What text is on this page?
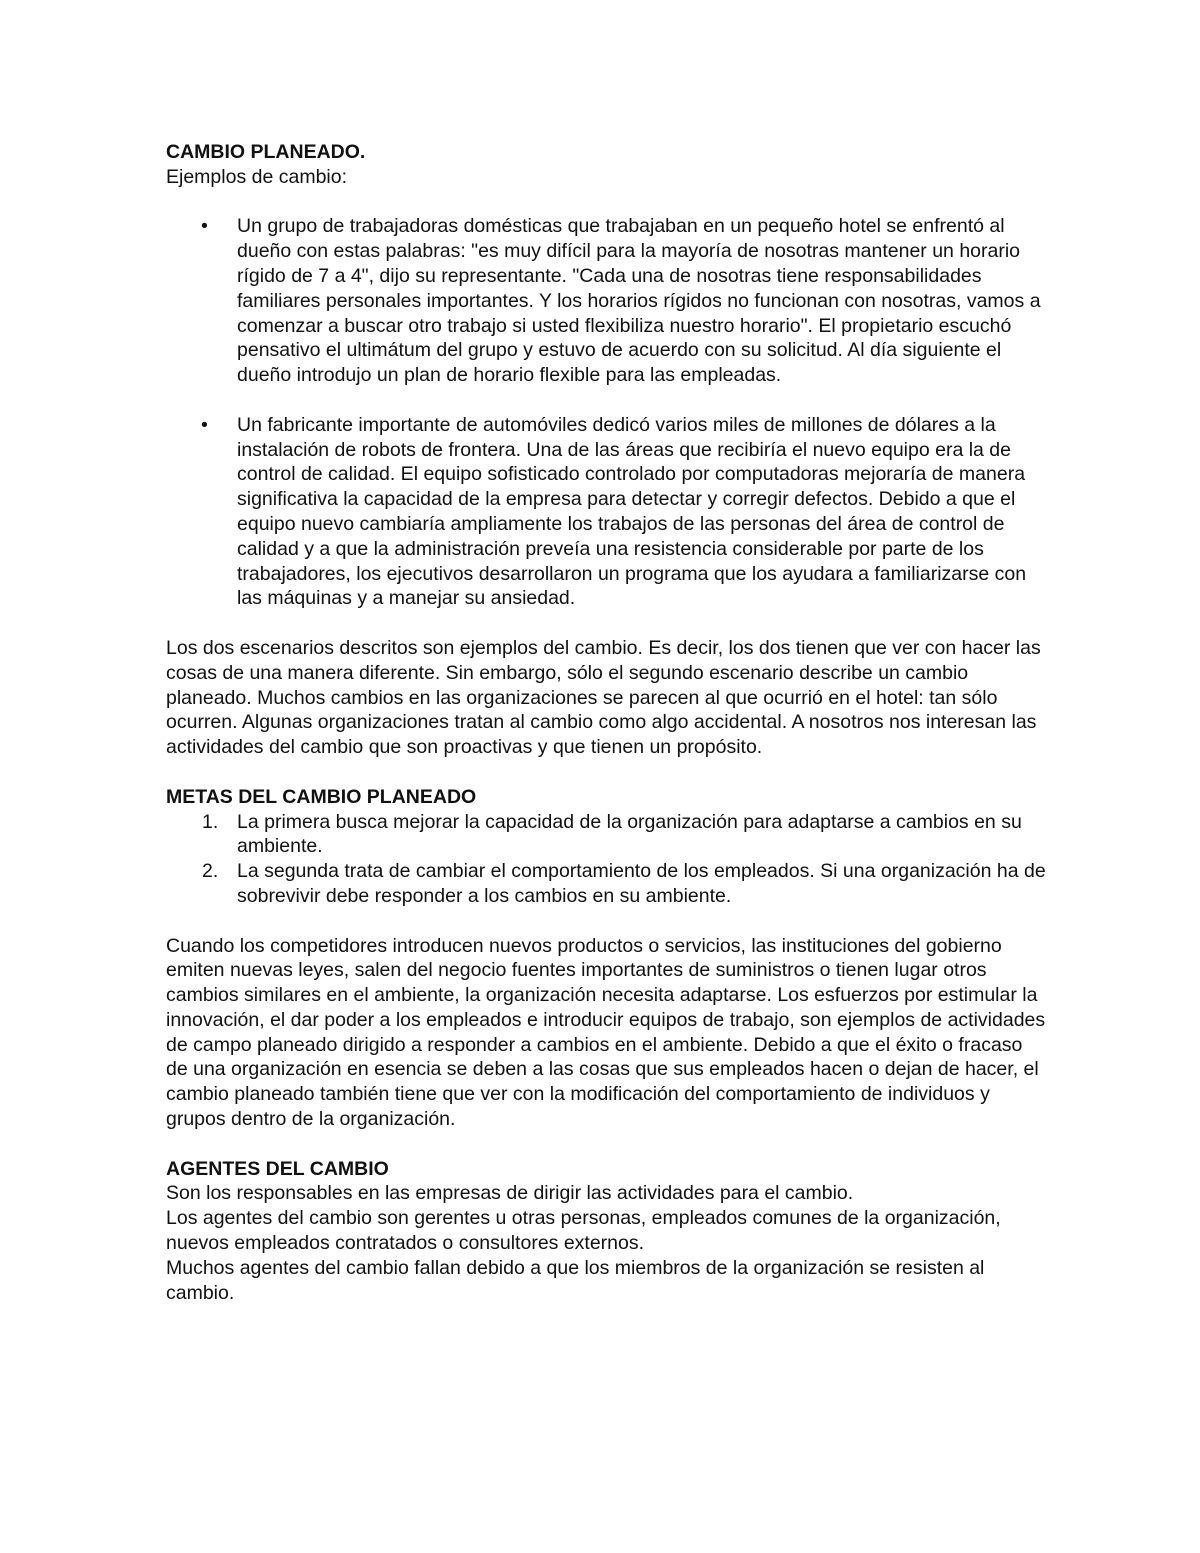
CAMBIO PLANEADO.

Ejemplos de cambio:

• Un grupo de trabajadoras domésticas que trabajaban en un pequeño hotel se enfrentó al dueño con estas palabras: "es muy difícil para la mayoría de nosotras mantener un horario rígido de 7 a 4", dijo su representante. "Cada una de nosotras tiene responsabilidades familiares personales importantes. Y los horarios rígidos no funcionan con nosotras, vamos a comenzar a buscar otro trabajo si usted flexibiliza nuestro horario". El propietario escuchó pensativo el ultimátum del grupo y estuvo de acuerdo con su solicitud. Al día siguiente el dueño introdujo un plan de horario flexible para las empleadas.
• Un fabricante importante de automóviles dedicó varios miles de millones de dólares a la instalación de robots de frontera. Una de las áreas que recibiría el nuevo equipo era la de control de calidad. El equipo sofisticado controlado por computadoras mejoraría de manera significativa la capacidad de la empresa para detectar y corregir defectos. Debido a que el equipo nuevo cambiaría ampliamente los trabajos de las personas del área de control de calidad y a que la administración preveía una resistencia considerable por parte de los trabajadores, los ejecutivos desarrollaron un programa que los ayudara a familiarizarse con las máquinas y a manejar su ansiedad.

Los dos escenarios descritos son ejemplos del cambio. Es decir, los dos tienen que ver con hacer las cosas de una manera diferente. Sin embargo, sólo el segundo escenario describe un cambio planeado. Muchos cambios en las organizaciones se parecen al que ocurrió en el hotel: tan sólo ocurren. Algunas organizaciones tratan al cambio como algo accidental. A nosotros nos interesan las actividades del cambio que son proactivas y que tienen un propósito.

METAS DEL CAMBIO PLANEADO

1. La primera busca mejorar la capacidad de la organización para adaptarse a cambios en su ambiente.
2. La segunda trata de cambiar el comportamiento de los empleados. Si una organización ha de sobrevivir debe responder a los cambios en su ambiente.

Cuando los competidores introducen nuevos productos o servicios, las instituciones del gobierno emiten nuevas leyes, salen del negocio fuentes importantes de suministros o tienen lugar otros cambios similares en el ambiente, la organización necesita adaptarse. Los esfuerzos por estimular la innovación, el dar poder a los empleados e introducir equipos de trabajo, son ejemplos de actividades de campo planeado dirigido a responder a cambios en el ambiente. Debido a que el éxito o fracaso de una organización en esencia se deben a las cosas que sus empleados hacen o dejan de hacer, el cambio planeado también tiene que ver con la modificación del comportamiento de individuos y grupos dentro de la organización.

AGENTES DEL CAMBIO

Son los responsables en las empresas de dirigir las actividades para el cambio.

Los agentes del cambio son gerentes u otras personas, empleados comunes de la organización, nuevos empleados contratados o consultores externos.

Muchos agentes del cambio fallan debido a que los miembros de la organización se resisten al cambio.
